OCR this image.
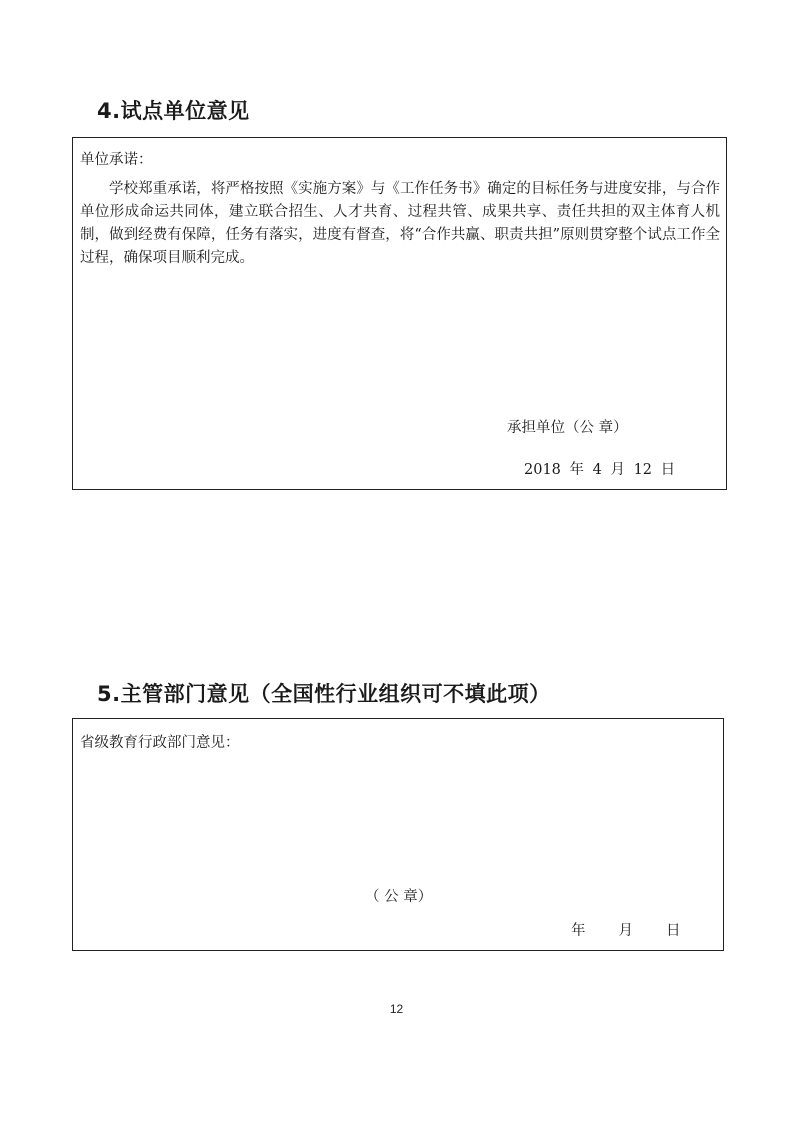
4.试点单位意见
单位承诺：

学校郑重承诺，将严格按照《实施方案》与《工作任务书》确定的目标任务与进度安排，与合作单位形成命运共同体，建立联合招生、人才共育、过程共管、成果共享、责任共担的双主体育人机制，做到经费有保障，任务有落实，进度有督查，将“合作共赢、职责共担”原则贯穿整个试点工作全过程，确保项目顺利完成。

承担单位（公 章）
2018 年 4 月 12 日
5.主管部门意见（全国性行业组织可不填此项）
省级教育行政部门意见：
（ 公 章）
年 月 日
12
